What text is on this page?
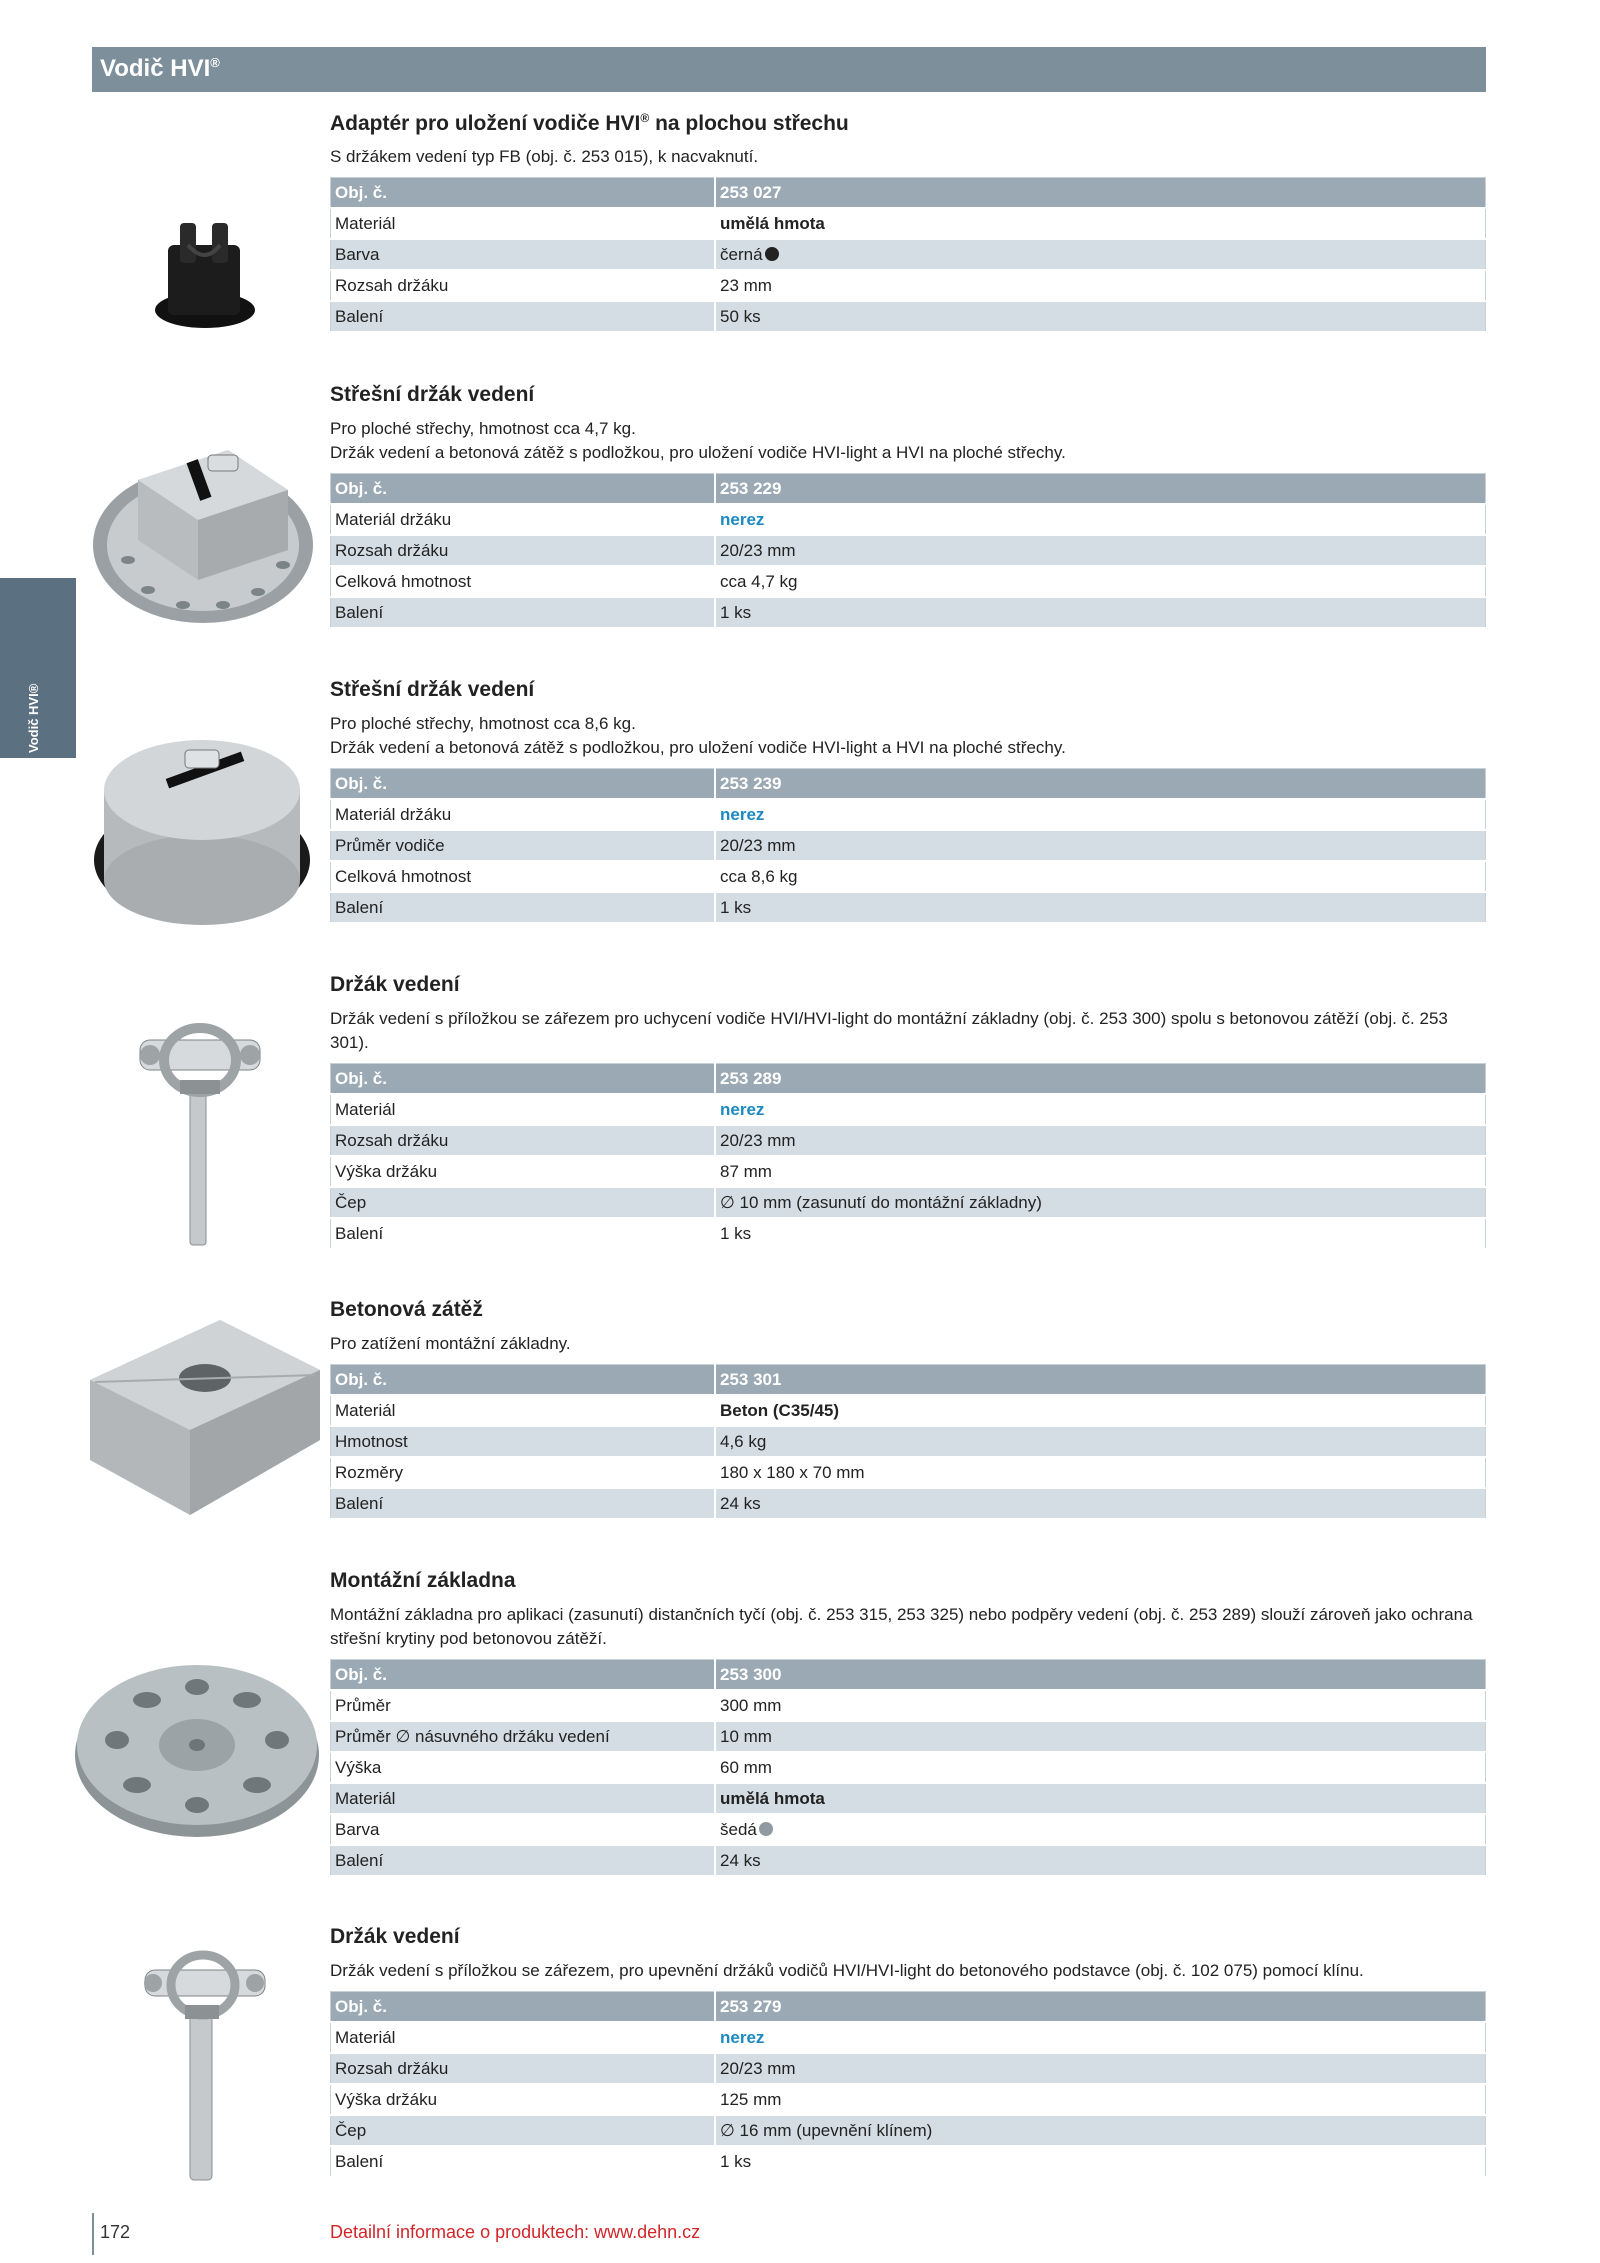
Vodič HVI®
Vodič HVI®
Adaptér pro uložení vodiče HVI® na plochou střechu
S držákem vedení typ FB (obj. č. 253 015), k nacvaknutí.
Obj. č.	253 027
Materiál	umělá hmota
Barva	černá
Rozsah držáku	23 mm
Balení	50 ks
Střešní držák vedení
Pro ploché střechy, hmotnost cca 4,7 kg.
Držák vedení a betonová zátěž s podložkou, pro uložení vodiče HVI-light a HVI na ploché střechy.
Obj. č.	253 229
Materiál držáku	nerez
Rozsah držáku	20/23 mm
Celková hmotnost	cca 4,7 kg
Balení	1 ks
Střešní držák vedení
Pro ploché střechy, hmotnost cca 8,6 kg.
Držák vedení a betonová zátěž s podložkou, pro uložení vodiče HVI-light a HVI na ploché střechy.
Obj. č.	253 239
Materiál držáku	nerez
Průměr vodiče	20/23 mm
Celková hmotnost	cca 8,6 kg
Balení	1 ks
Držák vedení
Držák vedení s příložkou se zářezem pro uchycení vodiče HVI/HVI-light do montážní základny (obj. č. 253 300) spolu s betonovou zátěží (obj. č. 253 301).
Obj. č.	253 289
Materiál	nerez
Rozsah držáku	20/23 mm
Výška držáku	87 mm
Čep	∅ 10 mm (zasunutí do montážní základny)
Balení	1 ks
Betonová zátěž
Pro zatížení montážní základny.
Obj. č.	253 301
Materiál	Beton (C35/45)
Hmotnost	4,6 kg
Rozměry	180 x 180 x 70 mm
Balení	24 ks
Montážní základna
Montážní základna pro aplikaci (zasunutí) distančních tyčí (obj. č. 253 315, 253 325) nebo podpěry vedení (obj. č. 253 289) slouží zároveň jako ochrana střešní krytiny pod betonovou zátěží.
Obj. č.	253 300
Průměr	300 mm
Průměr ∅ násuvného držáku vedení	10 mm
Výška	60 mm
Materiál	umělá hmota
Barva	šedá
Balení	24 ks
Držák vedení
Držák vedení s příložkou se zářezem, pro upevnění držáků vodičů HVI/HVI-light do betonového podstavce (obj. č. 102 075) pomocí klínu.
Obj. č.	253 279
Materiál	nerez
Rozsah držáku	20/23 mm
Výška držáku	125 mm
Čep	∅ 16 mm (upevnění klínem)
Balení	1 ks
172	Detailní informace o produktech: www.dehn.cz
